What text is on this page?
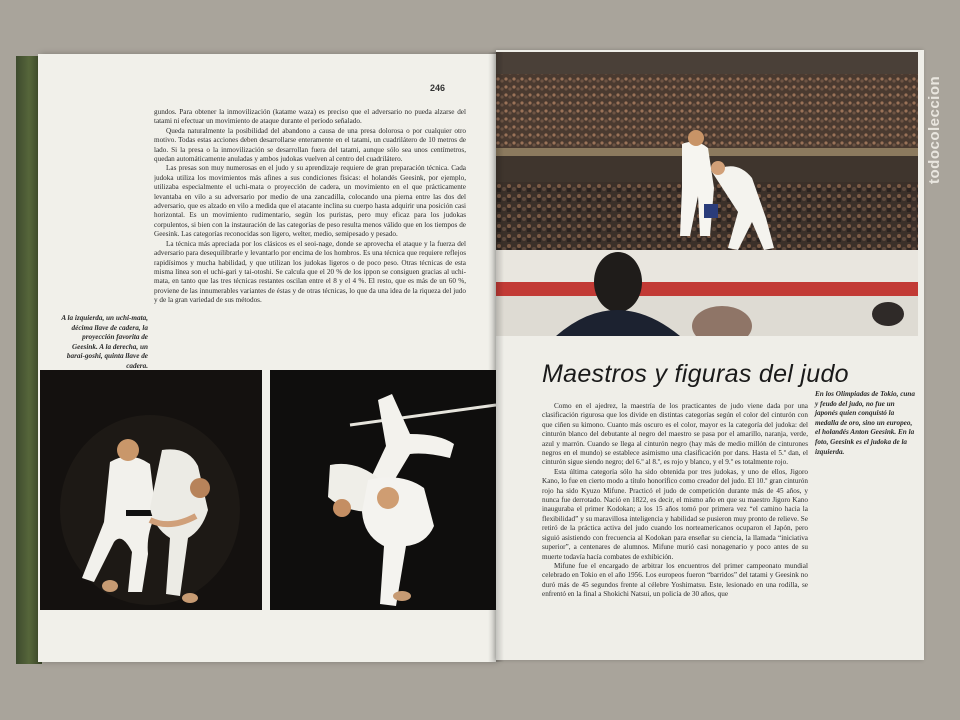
todocoleccion
246

gundos. Para obtener la inmovilización (katame waza) es preciso que el adversario no pueda alzarse del tatami ni efectuar un movimiento de ataque durante el período señalado.

Queda naturalmente la posibilidad del abandono a causa de una presa dolorosa o por cualquier otro motivo. Todas estas acciones deben desarrollarse enteramente en el tatami, un cuadrilátero de 10 metros de lado. Si la presa o la inmovilización se desarrollan fuera del tatami, aunque sólo sea unos centímetros, quedan automáticamente anuladas y ambos judokas vuelven al centro del cuadrilátero.

Las presas son muy numerosas en el judo y su aprendizaje requiere de gran preparación técnica. Cada judoka utiliza los movimientos más afines a sus condiciones físicas: el holandés Geesink, por ejemplo, utilizaba especialmente el uchi-mata o proyección de cadera, un movimiento en el que prácticamente levantaba en vilo a su adversario por medio de una zancadilla, colocando una pierna entre las dos del adversario, que es alzado en vilo a medida que el atacante inclina su cuerpo hasta adquirir una posición casi horizontal. Es un movimiento rudimentario, según los puristas, pero muy eficaz para los judokas corpulentos, si bien con la instauración de las categorías de peso resulta menos válido que en los tiempos de Geesink. Las categorías reconocidas son ligero, welter, medio, semipesado y pesado.

La técnica más apreciada por los clásicos es el seoi-nage, donde se aprovecha el ataque y la fuerza del adversario para desequilibrarle y levantarlo por encima de los hombros. Es una técnica que requiere reflejos rapidísimos y mucha habilidad, y que utilizan los judokas ligeros o de poco peso. Otras técnicas de esta misma línea son el uchi-gari y tai-otoshi. Se calcula que el 20 % de los ippon se consiguen gracias al uchi-mata, en tanto que las tres técnicas restantes oscilan entre el 8 y el 4 %. El resto, que es más de un 60 %, proviene de las innumerables variantes de éstas y de otras técnicas, lo que da una idea de la riqueza del judo y de la gran variedad de sus métodos.

A la izquierda, un uchi-mata, décima llave de cadera, la proyección favorita de Geesink. A la derecha, un barai-goshi, quinta llave de cadera.	Maestros y figuras del judo

Como en el ajedrez, la maestría de los practicantes de judo viene dada por una clasificación rigurosa que los divide en distintas categorías según el color del cinturón con que ciñen su kimono. Cuanto más oscuro es el color, mayor es la categoría del judoka: del cinturón blanco del debutante al negro del maestro se pasa por el amarillo, naranja, verde, azul y marrón. Cuando se llega al cinturón negro (hay más de medio millón de cinturones negros en el mundo) se establece asimismo una clasificación por dans. Hasta el 5.º dan, el cinturón sigue siendo negro; del 6.º al 8.º, es rojo y blanco, y el 9.º es totalmente rojo.

Esta última categoría sólo ha sido obtenida por tres judokas, y uno de ellos, Jigoro Kano, lo fue en cierto modo a título honorífico como creador del judo. El 10.º gran cinturón rojo ha sido Kyuzo Mifune. Practicó el judo de competición durante más de 45 años, y nunca fue derrotado. Nació en 1822, es decir, el mismo año en que su maestro Jigoro Kano inauguraba el primer Kodokan; a los 15 años tomó por primera vez “el camino hacia la flexibilidad” y su maravillosa inteligencia y habilidad se pusieron muy pronto de relieve. Se retiró de la práctica activa del judo cuando los norteamericanos ocuparon el Japón, pero siguió asistiendo con frecuencia al Kodokan para enseñar su ciencia, la llamada “iniciativa superior”, a centenares de alumnos. Mifune murió casi nonagenario y poco antes de su muerte todavía hacía combates de exhibición.

Mifune fue el encargado de arbitrar los encuentros del primer campeonato mundial celebrado en Tokio en el año 1956. Los europeos fueron “barridos” del tatami y Geesink no duró más de 45 segundos frente al célebre Yoshimatsu. Este, lesionado en una rodilla, se enfrentó en la final a Shokichi Natsui, un policía de 30 años, que

En los Olimpiadas de Tokio, cuna y feudo del judo, no fue un japonés quien conquistó la medalla de oro, sino un europeo, el holandés Anton Geesink. En la foto, Geesink es el judoka de la izquierda.
